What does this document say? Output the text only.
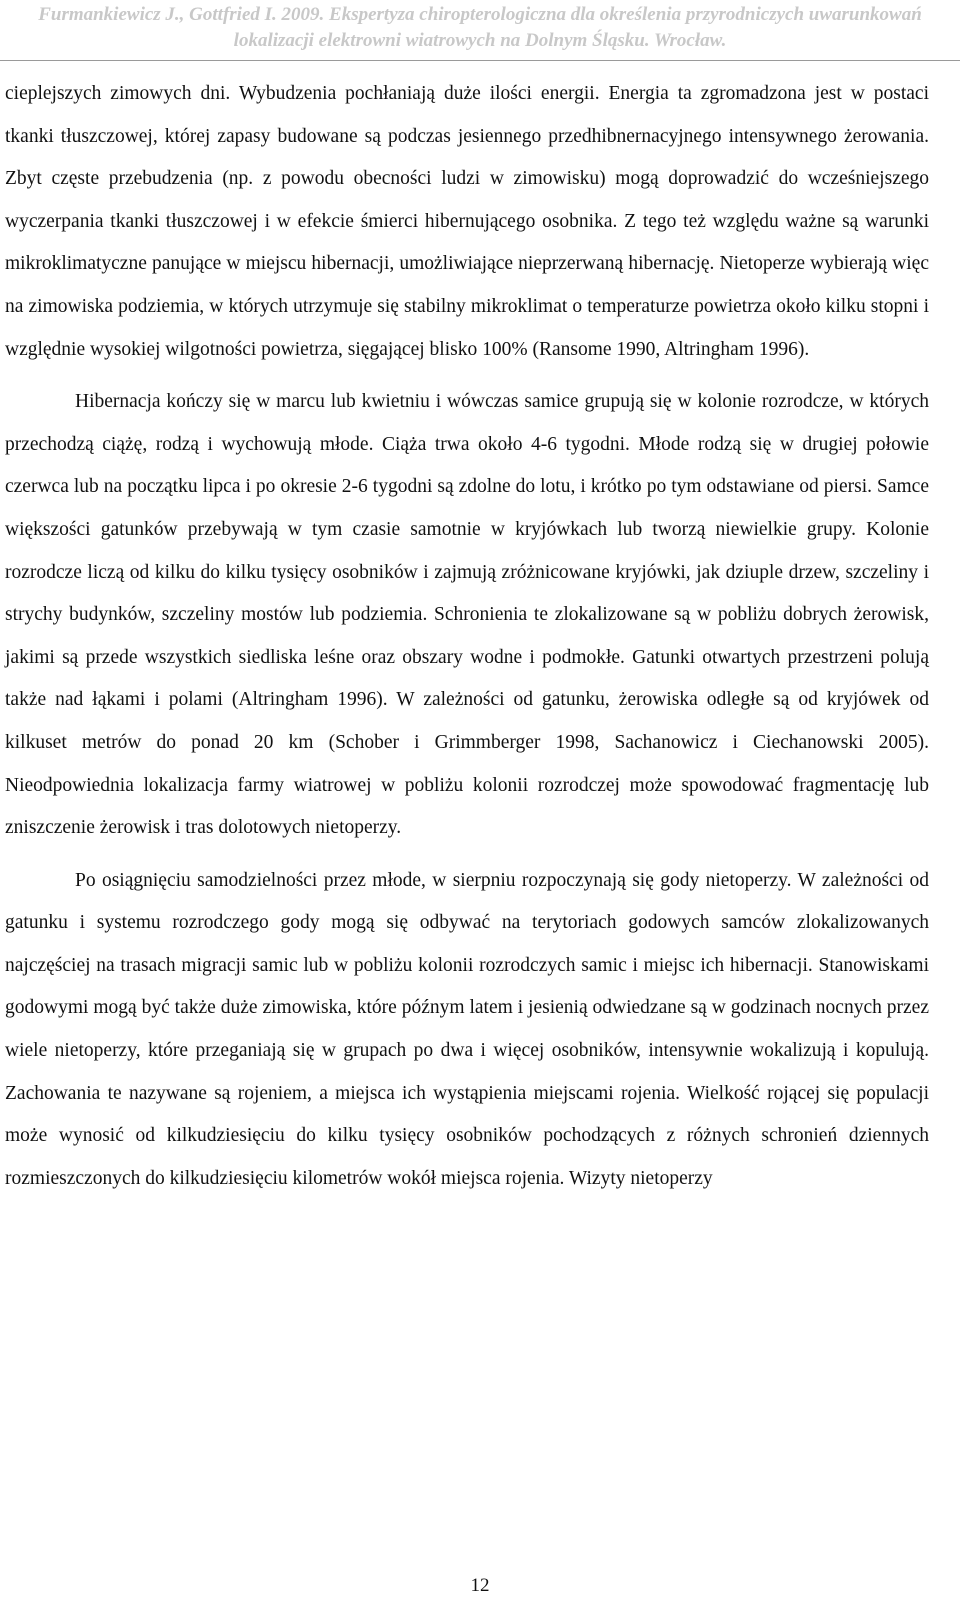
Furmankiewicz J., Gottfried I. 2009. Ekspertyza chiropterologiczna dla określenia przyrodniczych uwarunkowań
lokalizacji elektrowni wiatrowych na Dolnym Śląsku. Wrocław.

cieplejszych zimowych dni. Wybudzenia pochłaniają duże ilości energii. Energia ta zgromadzona jest w postaci tkanki tłuszczowej, której zapasy budowane są podczas jesiennego przedhibnernacyjnego intensywnego żerowania. Zbyt częste przebudzenia (np. z powodu obecności ludzi w zimowisku) mogą doprowadzić do wcześniejszego wyczerpania tkanki tłuszczowej i w efekcie śmierci hibernującego osobnika. Z tego też względu ważne są warunki mikroklimatyczne panujące w miejscu hibernacji, umożliwiające nieprzerwaną hibernację. Nietoperze wybierają więc na zimowiska podziemia, w których utrzymuje się stabilny mikroklimat o temperaturze powietrza około kilku stopni i względnie wysokiej wilgotności powietrza, sięgającej blisko 100% (Ransome 1990, Altringham 1996).

Hibernacja kończy się w marcu lub kwietniu i wówczas samice grupują się w kolonie rozrodcze, w których przechodzą ciążę, rodzą i wychowują młode. Ciąża trwa około 4-6 tygodni. Młode rodzą się w drugiej połowie czerwca lub na początku lipca i po okresie 2-6 tygodni są zdolne do lotu, i krótko po tym odstawiane od piersi. Samce większości gatunków przebywają w tym czasie samotnie w kryjówkach lub tworzą niewielkie grupy. Kolonie rozrodcze liczą od kilku do kilku tysięcy osobników i zajmują zróżnicowane kryjówki, jak dziuple drzew, szczeliny i strychy budynków, szczeliny mostów lub podziemia. Schronienia te zlokalizowane są w pobliżu dobrych żerowisk, jakimi są przede wszystkich siedliska leśne oraz obszary wodne i podmokłe. Gatunki otwartych przestrzeni polują także nad łąkami i polami (Altringham 1996). W zależności od gatunku, żerowiska odległe są od kryjówek od kilkuset metrów do ponad 20 km (Schober i Grimmberger 1998, Sachanowicz i Ciechanowski 2005). Nieodpowiednia lokalizacja farmy wiatrowej w pobliżu kolonii rozrodczej może spowodować fragmentację lub zniszczenie żerowisk i tras dolotowych nietoperzy.

Po osiągnięciu samodzielności przez młode, w sierpniu rozpoczynają się gody nietoperzy. W zależności od gatunku i systemu rozrodczego gody mogą się odbywać na terytoriach godowych samców zlokalizowanych najczęściej na trasach migracji samic lub w pobliżu kolonii rozrodczych samic i miejsc ich hibernacji. Stanowiskami godowymi mogą być także duże zimowiska, które późnym latem i jesienią odwiedzane są w godzinach nocnych przez wiele nietoperzy, które przeganiają się w grupach po dwa i więcej osobników, intensywnie wokalizują i kopulują. Zachowania te nazywane są rojeniem, a miejsca ich wystąpienia miejscami rojenia. Wielkość rojącej się populacji może wynosić od kilkudziesięciu do kilku tysięcy osobników pochodzących z różnych schronień dziennych rozmieszczonych do kilkudziesięciu kilometrów wokół miejsca rojenia. Wizyty nietoperzy

12
